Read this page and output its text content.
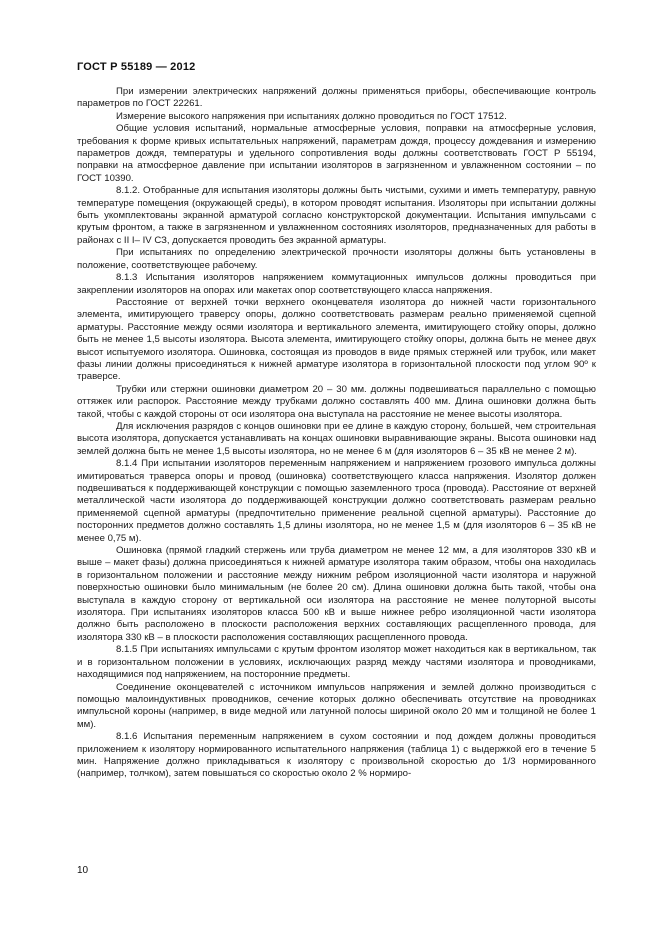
ГОСТ Р 55189 — 2012

При измерении электрических напряжений должны применяться приборы, обеспечивающие контроль параметров по ГОСТ 22261.

Измерение высокого напряжения при испытаниях должно проводиться по ГОСТ 17512.

Общие условия испытаний, нормальные атмосферные условия, поправки на атмосферные условия, требования к форме кривых испытательных напряжений, параметрам дождя, процессу дождевания и измерению параметров дождя, температуры и удельного сопротивления воды должны соответствовать ГОСТ Р 55194, поправки на атмосферное давление при испытании изоляторов в загрязненном и увлажненном состоянии – по ГОСТ 10390.

8.1.2. Отобранные для испытания изоляторы должны быть чистыми, сухими и иметь температуру, равную температуре помещения (окружающей среды), в котором проводят испытания. Изоляторы при испытании должны быть укомплектованы экранной арматурой согласно конструкторской документации. Испытания импульсами с крутым фронтом, а также в загрязненном и увлажненном состояниях изоляторов, предназначенных для работы в районах с II I– IV СЗ, допускается проводить без экранной арматуры.

При испытаниях по определению электрической прочности изоляторы должны быть установлены в положение, соответствующее рабочему.

8.1.3 Испытания изоляторов напряжением коммутационных импульсов должны проводиться при закреплении изоляторов на опорах или макетах опор соответствующего класса напряжения.

Расстояние от верхней точки верхнего оконцевателя изолятора до нижней части горизонтального элемента, имитирующего траверсу опоры, должно соответствовать размерам реально применяемой сцепной арматуры. Расстояние между осями изолятора и вертикального элемента, имитирующего стойку опоры, должно быть не менее 1,5 высоты изолятора. Высота элемента, имитирующего стойку опоры, должна быть не менее двух высот испытуемого изолятора. Ошиновка, состоящая из проводов в виде прямых стержней или трубок, или макет фазы линии должны присоединяться к нижней арматуре изолятора в горизонтальной плоскости под углом 90º к траверсе.

Трубки или стержни ошиновки диаметром 20 – 30 мм. должны подвешиваться параллельно с помощью оттяжек или распорок. Расстояние между трубками должно составлять 400 мм. Длина ошиновки должна быть такой, чтобы с каждой стороны от оси изолятора она выступала на расстояние не менее высоты изолятора.

Для исключения разрядов с концов ошиновки при ее длине в каждую сторону, большей, чем строительная высота изолятора, допускается устанавливать на концах ошиновки выравнивающие экраны. Высота ошиновки над землей должна быть не менее 1,5 высоты изолятора, но не менее 6 м (для изоляторов 6 – 35 кВ не менее 2 м).

8.1.4 При испытании изоляторов переменным напряжением и напряжением грозового импульса должны имитироваться траверса опоры и провод (ошиновка) соответствующего класса напряжения. Изолятор должен подвешиваться к поддерживающей конструкции с помощью заземленного троса (провода). Расстояние от верхней металлической части изолятора до поддерживающей конструкции должно соответствовать размерам реально применяемой сцепной арматуры (предпочтительно применение реальной сцепной арматуры). Расстояние до посторонних предметов должно составлять 1,5 длины изолятора, но не менее 1,5 м (для изоляторов 6 – 35 кВ не менее 0,75 м).

Ошиновка (прямой гладкий стержень или труба диаметром не менее 12 мм, а для изоляторов 330 кВ и выше – макет фазы) должна присоединяться к нижней арматуре изолятора таким образом, чтобы она находилась в горизонтальном положении и расстояние между нижним ребром изоляционной части изолятора и наружной поверхностью ошиновки было минимальным (не более 20 см). Длина ошиновки должна быть такой, чтобы она выступала в каждую сторону от вертикальной оси изолятора на расстояние не менее полуторной высоты изолятора. При испытаниях изоляторов класса 500 кВ и выше нижнее ребро изоляционной части изолятора должно быть расположено в плоскости расположения верхних составляющих расщепленного провода, для изолятора 330 кВ – в плоскости расположения составляющих расщепленного провода.

8.1.5 При испытаниях импульсами с крутым фронтом изолятор может находиться как в вертикальном, так и в горизонтальном положении в условиях, исключающих разряд между частями изолятора и проводниками, находящимися под напряжением, на посторонние предметы.

Соединение оконцевателей с источником импульсов напряжения и землей должно производиться с помощью малоиндуктивных проводников, сечение которых должно обеспечивать отсутствие на проводниках импульсной короны (например, в виде медной или латунной полосы шириной около 20 мм и толщиной не более 1 мм).

8.1.6 Испытания переменным напряжением в сухом состоянии и под дождем должны проводиться приложением к изолятору нормированного испытательного напряжения (таблица 1) с выдержкой его в течение 5 мин. Напряжение должно прикладываться к изолятору с произвольной скоростью до 1/3 нормированного (например, толчком), затем повышаться со скоростью около 2 % нормиро-

10
